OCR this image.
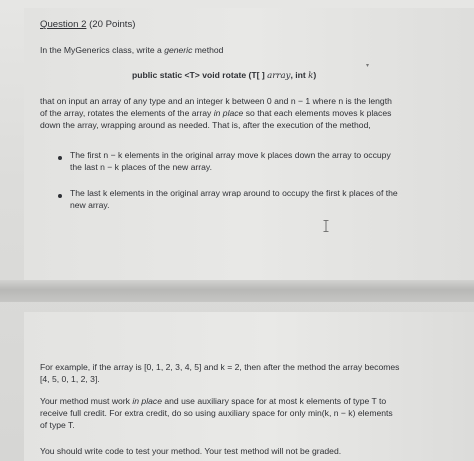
Question 2 (20 Points)
In the MyGenerics class, write a generic method
▾
public static <T> void rotate (T[ ] array, int k)
that on input an array of any type and an integer k between 0 and n − 1 where n is the length
of the array, rotates the elements of the array in place so that each elements moves k places
down the array, wrapping around as needed. That is, after the execution of the method,
The first n − k elements in the original array move k places down the array to occupy
the last n − k places of the new array.
The last k elements in the original array wrap around to occupy the first k places of the
new array.
For example, if the array is [0, 1, 2, 3, 4, 5] and k = 2, then after the method the array becomes
[4, 5, 0, 1, 2, 3].
Your method must work in place and use auxiliary space for at most k elements of type T to
receive full credit. For extra credit, do so using auxiliary space for only min(k, n − k) elements
of type T.
You should write code to test your method. Your test method will not be graded.
